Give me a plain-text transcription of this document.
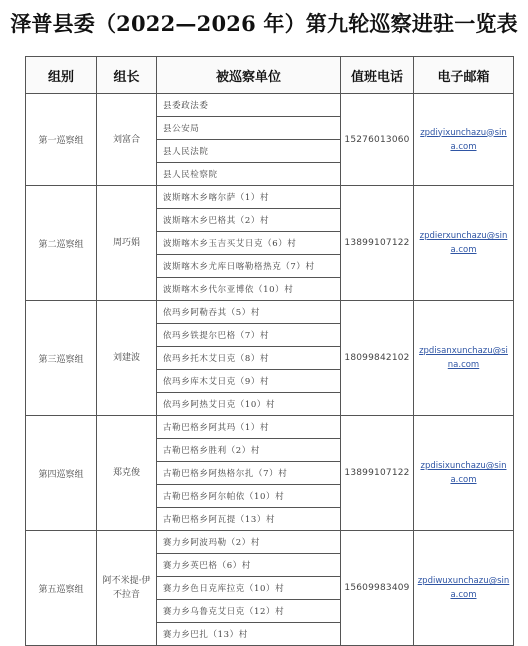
泽普县委（2022—2026 年）第九轮巡察进驻一览表
组别	组长	被巡察单位	值班电话	电子邮箱
第一巡察组	刘富合	县委政法委	15276013060	zpdiyixunchazu@sina.com
		县公安局		
		县人民法院		
		县人民检察院		
第二巡察组	周巧娟	波斯喀木乡喀尔萨（1）村	13899107122	zpdierxunchazu@sina.com
		波斯喀木乡巴格其（2）村		
		波斯喀木乡玉吉买艾日克（6）村		
		波斯喀木乡尤库日喀勒格热克（7）村		
		波斯喀木乡代尔亚博依（10）村		
第三巡察组	刘建波	依玛乡阿勒吞其（5）村	18099842102	zpdisanxunchazu@sina.com
		依玛乡铁提尔巴格（7）村		
		依玛乡托木艾日克（8）村		
		依玛乡库木艾日克（9）村		
		依玛乡阿热艾日克（10）村		
第四巡察组	郑克俊	古勒巴格乡阿其玛（1）村	13899107122	zpdisixunchazu@sina.com
		古勒巴格乡胜利（2）村		
		古勒巴格乡阿热格尔扎（7）村		
		古勒巴格乡阿尔帕依（10）村		
		古勒巴格乡阿瓦提（13）村		
第五巡察组	阿不米提·伊不拉音	赛力乡阿波玛勒（2）村	15609983409	zpdiwuxunchazu@sina.com
		赛力乡英巴格（6）村		
		赛力乡色日克库拉克（10）村		
		赛力乡乌鲁克艾日克（12）村		
		赛力乡巴扎（13）村		
